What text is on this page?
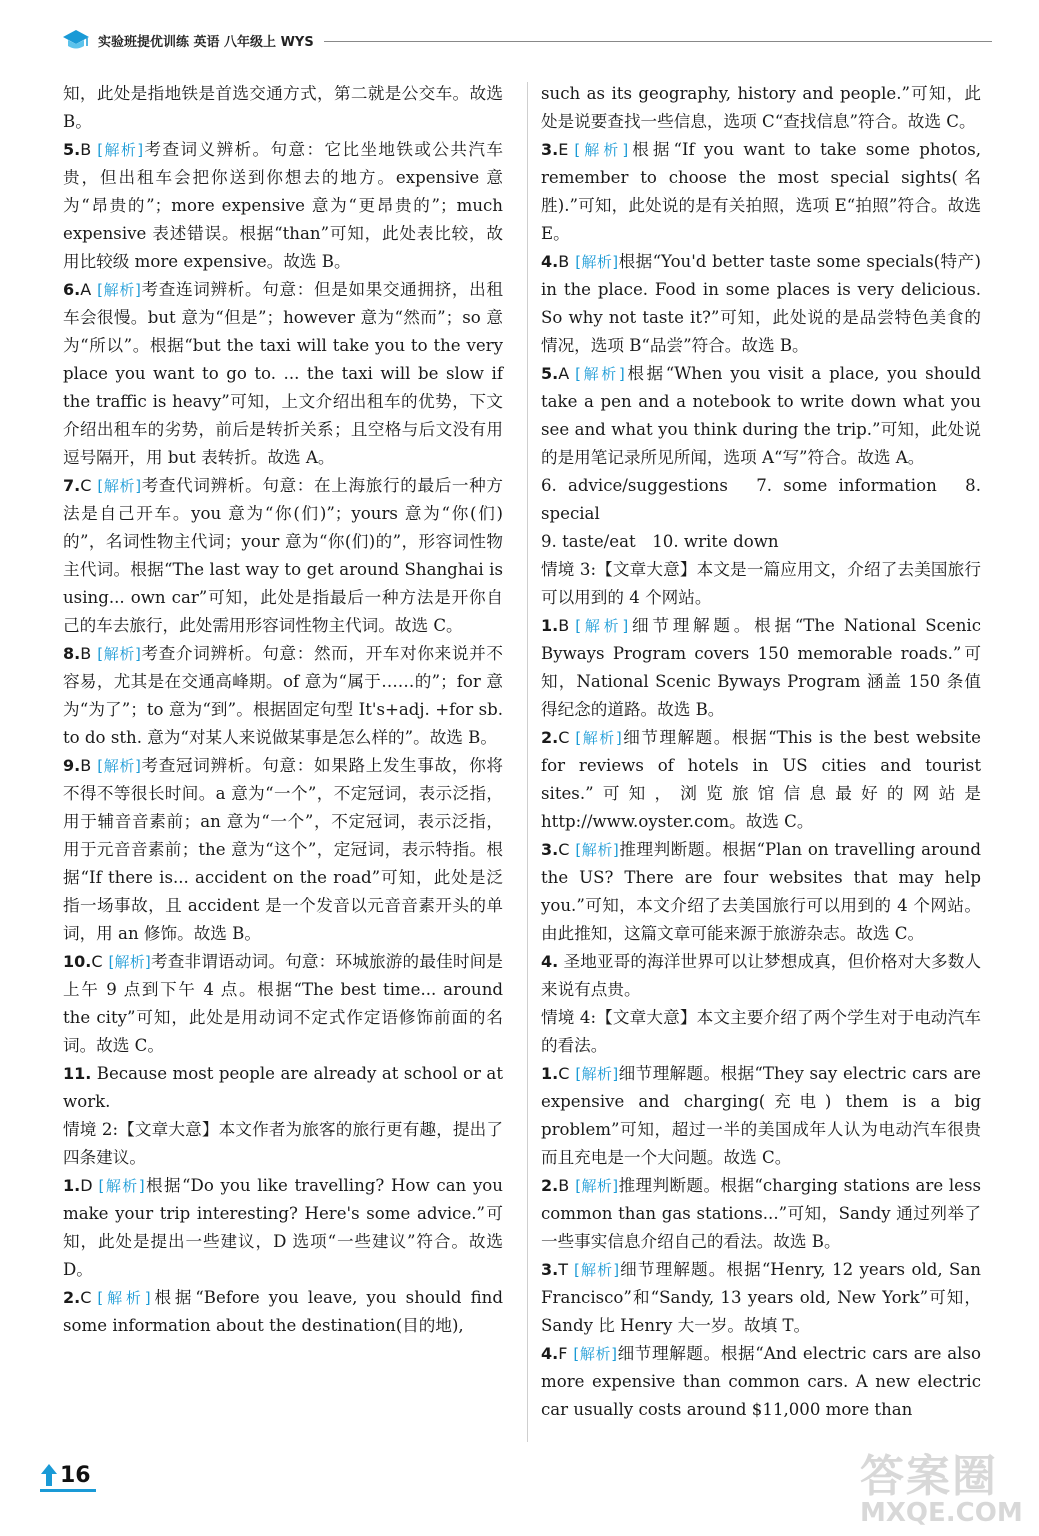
实验班提优训练 英语 八年级上 WYS

知，此处是指地铁是首选交通方式，第二就是公交车。故选 B。

5.B [解析]考查词义辨析。句意：它比坐地铁或公共汽车贵，但出租车会把你送到你想去的地方。expensive 意为“昂贵的”；more expensive 意为“更昂贵的”；much expensive 表述错误。根据“than”可知，此处表比较，故用比较级 more expensive。故选 B。

6.A [解析]考查连词辨析。句意：但是如果交通拥挤，出租车会很慢。but 意为“但是”；however 意为“然而”；so 意为“所以”。根据“but the taxi will take you to the very place you want to go to. ... the taxi will be slow if the traffic is heavy”可知，上文介绍出租车的优势，下文介绍出租车的劣势，前后是转折关系；且空格与后文没有用逗号隔开，用 but 表转折。故选 A。

7.C [解析]考查代词辨析。句意：在上海旅行的最后一种方法是自己开车。you 意为“你(们)”；yours 意为“你(们)的”，名词性物主代词；your 意为“你(们)的”，形容词性物主代词。根据“The last way to get around Shanghai is using... own car”可知，此处是指最后一种方法是开你自己的车去旅行，此处需用形容词性物主代词。故选 C。

8.B [解析]考查介词辨析。句意：然而，开车对你来说并不容易，尤其是在交通高峰期。of 意为“属于……的”；for 意为“为了”；to 意为“到”。根据固定句型 It's+adj. +for sb. to do sth. 意为“对某人来说做某事是怎么样的”。故选 B。

9.B [解析]考查冠词辨析。句意：如果路上发生事故，你将不得不等很长时间。a 意为“一个”，不定冠词，表示泛指，用于辅音音素前；an 意为“一个”，不定冠词，表示泛指，用于元音音素前；the 意为“这个”，定冠词，表示特指。根据“If there is... accident on the road”可知，此处是泛指一场事故，且 accident 是一个发音以元音音素开头的单词，用 an 修饰。故选 B。

10.C [解析]考查非谓语动词。句意：环城旅游的最佳时间是上午 9 点到下午 4 点。根据“The best time... around the city”可知，此处是用动词不定式作定语修饰前面的名词。故选 C。

11. Because most people are already at school or at work.

情境 2:【文章大意】本文作者为旅客的旅行更有趣，提出了四条建议。

1.D [解析]根据“Do you like travelling? How can you make your trip interesting? Here's some advice.”可知，此处是提出一些建议，D 选项“一些建议”符合。故选 D。

2.C [解析]根据“Before you leave, you should find some information about the destination(目的地),

such as its geography, history and people.”可知，此处是说要查找一些信息，选项 C“查找信息”符合。故选 C。

3.E [解析]根据“If you want to take some photos, remember to choose the most special sights(名胜).”可知，此处说的是有关拍照，选项 E“拍照”符合。故选 E。

4.B [解析]根据“You'd better taste some specials(特产) in the place. Food in some places is very delicious. So why not taste it?”可知，此处说的是品尝特色美食的情况，选项 B“品尝”符合。故选 B。

5.A [解析]根据“When you visit a place, you should take a pen and a notebook to write down what you see and what you think during the trip.”可知，此处说的是用笔记录所见所闻，选项 A“写”符合。故选 A。

6. advice/suggestions　7. some information　8. special

9. taste/eat　10. write down

情境 3:【文章大意】本文是一篇应用文，介绍了去美国旅行可以用到的 4 个网站。

1.B [解析]细节理解题。根据“The National Scenic Byways Program covers 150 memorable roads.”可知，National Scenic Byways Program 涵盖 150 条值得纪念的道路。故选 B。

2.C [解析]细节理解题。根据“This is the best website for reviews of hotels in US cities and tourist sites.”可知，浏览旅馆信息最好的网站是 http://www.oyster.com。故选 C。

3.C [解析]推理判断题。根据“Plan on travelling around the US? There are four websites that may help you.”可知，本文介绍了去美国旅行可以用到的 4 个网站。由此推知，这篇文章可能来源于旅游杂志。故选 C。

4. 圣地亚哥的海洋世界可以让梦想成真，但价格对大多数人来说有点贵。

情境 4:【文章大意】本文主要介绍了两个学生对于电动汽车的看法。

1.C [解析]细节理解题。根据“They say electric cars are expensive and charging(充电) them is a big problem”可知，超过一半的美国成年人认为电动汽车很贵而且充电是一个大问题。故选 C。

2.B [解析]推理判断题。根据“charging stations are less common than gas stations...”可知，Sandy 通过列举了一些事实信息介绍自己的看法。故选 B。

3.T [解析]细节理解题。根据“Henry, 12 years old, San Francisco”和“Sandy, 13 years old, New York”可知，Sandy 比 Henry 大一岁。故填 T。

4.F [解析]细节理解题。根据“And electric cars are also more expensive than common cars. A new electric car usually costs around $11,000 more than

16	答案圈
MXQE.COM
